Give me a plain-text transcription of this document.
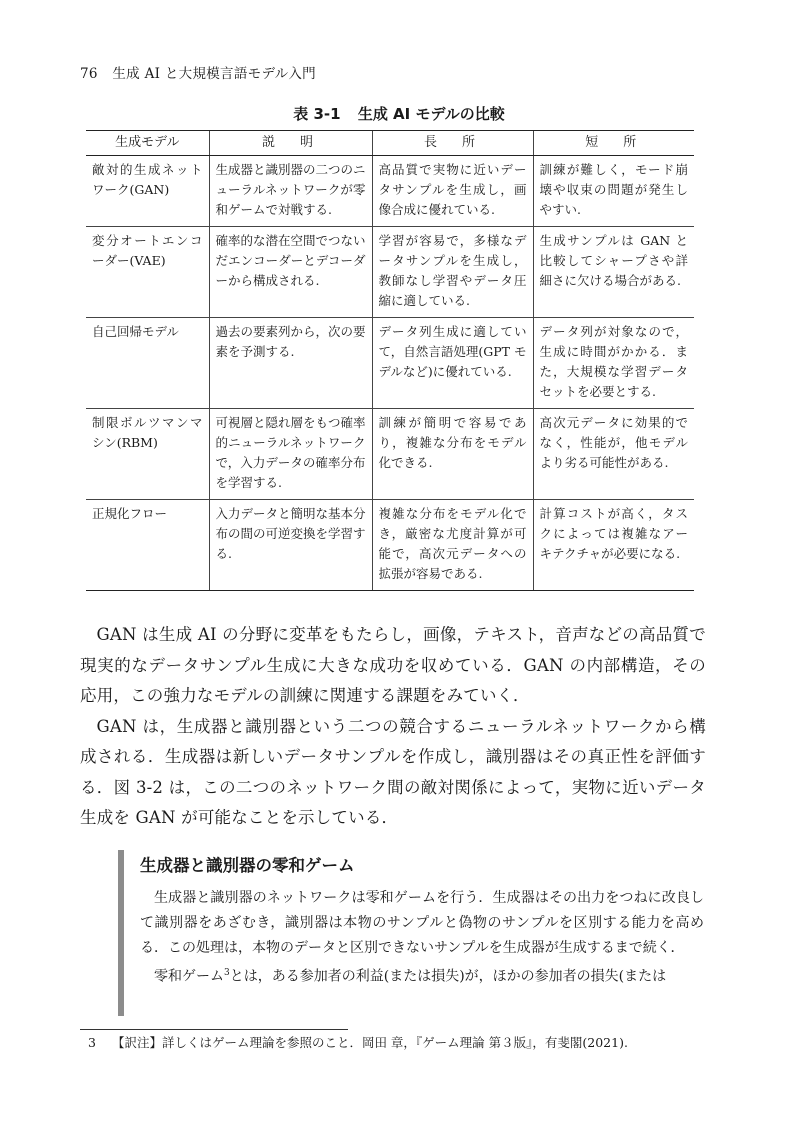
76 生成 AI と大規模言語モデル入門
表 3-1 生成 AI モデルの比較
生成モデル	説　明	長　所	短　所
敵対的生成ネットワーク(GAN)	生成器と識別器の二つのニューラルネットワークが零和ゲームで対戦する.	高品質で実物に近いデータサンプルを生成し，画像合成に優れている.	訓練が難しく，モード崩壊や収束の問題が発生しやすい.
変分オートエンコーダー(VAE)	確率的な潜在空間でつないだエンコーダーとデコーダーから構成される.	学習が容易で，多様なデータサンプルを生成し，教師なし学習やデータ圧縮に適している.	生成サンプルは GAN と比較してシャープさや詳細さに欠ける場合がある.
自己回帰モデル	過去の要素列から，次の要素を予測する.	データ列生成に適していて，自然言語処理(GPT モデルなど)に優れている.	データ列が対象なので，生成に時間がかかる．また，大規模な学習データセットを必要とする.
制限ボルツマンマシン(RBM)	可視層と隠れ層をもつ確率的ニューラルネットワークで，入力データの確率分布を学習する.	訓練が簡明で容易であり，複雑な分布をモデル化できる.	高次元データに効果的でなく，性能が，他モデルより劣る可能性がある.
正規化フロー	入力データと簡明な基本分布の間の可逆変換を学習する.	複雑な分布をモデル化でき，厳密な尤度計算が可能で，高次元データへの拡張が容易である.	計算コストが高く，タスクによっては複雑なアーキテクチャが必要になる.

GAN は生成 AI の分野に変革をもたらし，画像，テキスト，音声などの高品質で現実的なデータサンプル生成に大きな成功を収めている．GAN の内部構造，その応用，この強力なモデルの訓練に関連する課題をみていく．

GAN は，生成器と識別器という二つの競合するニューラルネットワークから構成される．生成器は新しいデータサンプルを作成し，識別器はその真正性を評価する．図 3-2 は，この二つのネットワーク間の敵対関係によって，実物に近いデータ生成を GAN が可能なことを示している．

生成器と識別器の零和ゲーム

生成器と識別器のネットワークは零和ゲームを行う．生成器はその出力をつねに改良して識別器をあざむき，識別器は本物のサンプルと偽物のサンプルを区別する能力を高める．この処理は，本物のデータと区別できないサンプルを生成器が生成するまで続く．

零和ゲーム$^3$とは，ある参加者の利益(または損失)が，ほかの参加者の損失(または

3 【訳注】詳しくはゲーム理論を参照のこと．岡田 章，『ゲーム理論 第３版』，有斐閣(2021).
